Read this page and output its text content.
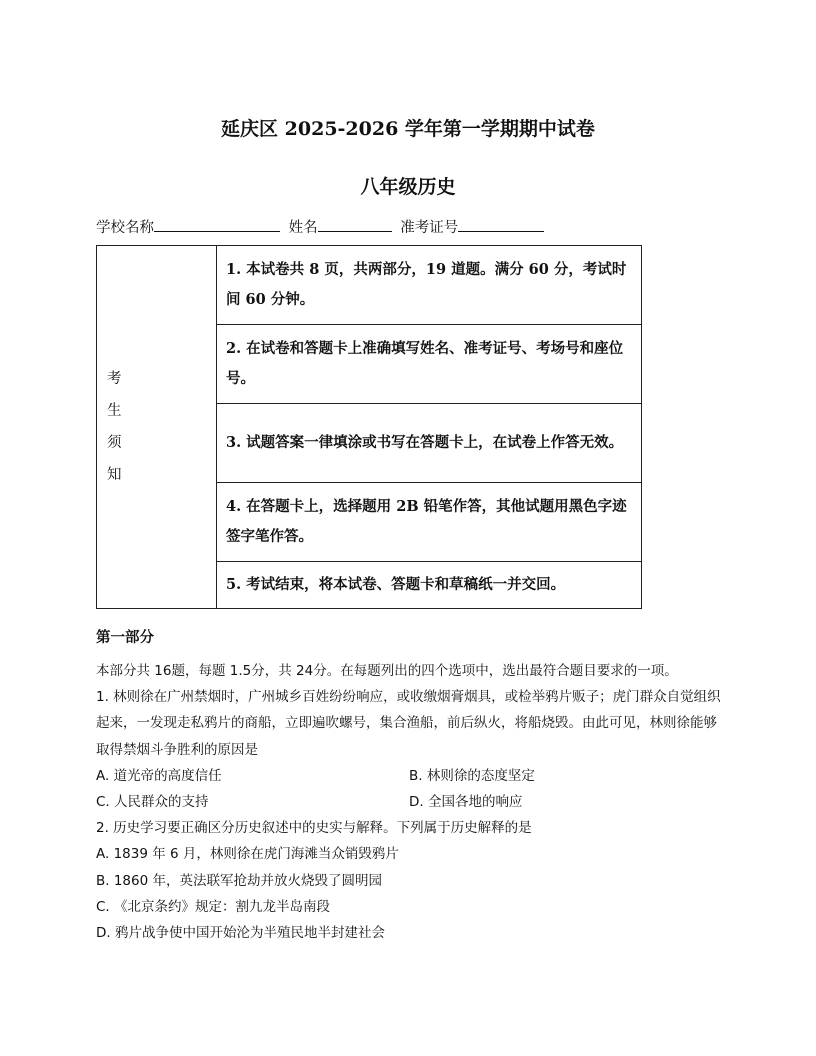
延庆区 2025-2026 学年第一学期期中试卷
八年级历史
学校名称	姓名	准考证号
考
生
须
知
	1. 本试卷共 8 页，共两部分，19 道题。满分 60 分，考试时间 60 分钟。
2. 在试卷和答题卡上准确填写姓名、准考证号、考场号和座位号。
3. 试题答案一律填涂或书写在答题卡上，在试卷上作答无效。
4. 在答题卡上，选择题用 2B 铅笔作答，其他试题用黑色字迹签字笔作答。
5. 考试结束，将本试卷、答题卡和草稿纸一并交回。
第一部分

本部分共 16题，每题 1.5分，共 24分。在每题列出的四个选项中，选出最符合题目要求的一项。

1. 林则徐在广州禁烟时，广州城乡百姓纷纷响应，或收缴烟膏烟具，或检举鸦片贩子；虎门群众自觉组织起来，一发现走私鸦片的商船，立即遍吹螺号，集合渔船，前后纵火，将船烧毁。由此可见，林则徐能够取得禁烟斗争胜利的原因是

A. 道光帝的高度信任	B. 林则徐的态度坚定
C. 人民群众的支持	D. 全国各地的响应

2. 历史学习要正确区分历史叙述中的史实与解释。下列属于历史解释的是

A. 1839 年 6 月，林则徐在虎门海滩当众销毁鸦片

B. 1860 年，英法联军抢劫并放火烧毁了圆明园

C. 《北京条约》规定：割九龙半岛南段

D. 鸦片战争使中国开始沦为半殖民地半封建社会
